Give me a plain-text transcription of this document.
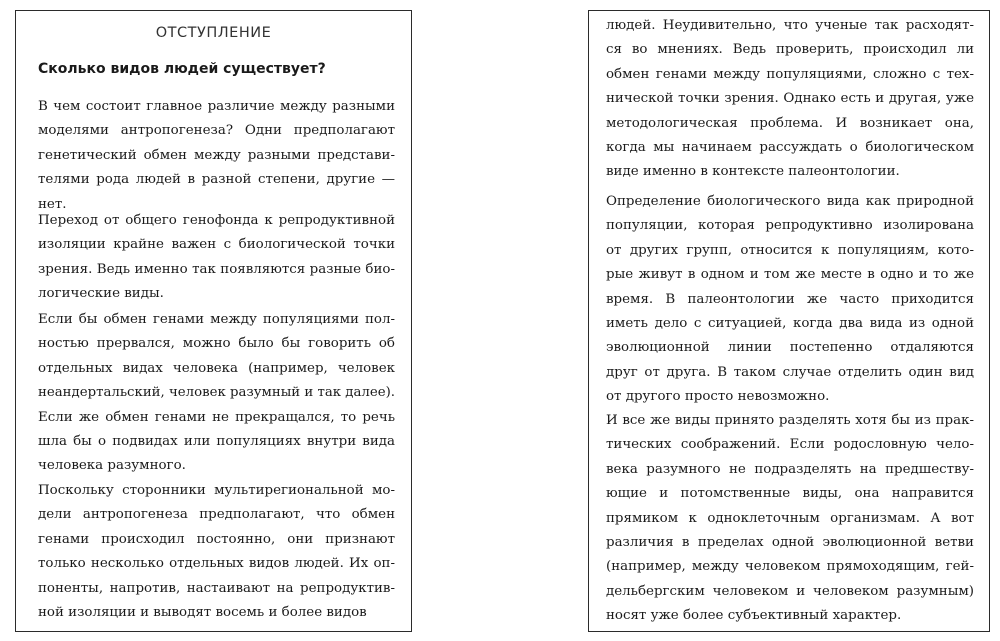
ОТСТУПЛЕНИЕ
Сколько видов людей существует?

В чем состоит главное различие между разными
моделями антропогенеза? Одни предполагают
генетический обмен между разными представи-
телями рода людей в разной степени, другие —
нет.

Переход от общего генофонда к репродуктивной
изоляции крайне важен с биологической точки
зрения. Ведь именно так появляются разные био-
логические виды.

Если бы обмен генами между популяциями пол-
ностью прервался, можно было бы говорить об
отдельных видах человека (например, человек
неандертальский, человек разумный и так далее).
Если же обмен генами не прекращался, то речь
шла бы о подвидах или популяциях внутри вида
человека разумного.

Поскольку сторонники мультирегиональной мо-
дели антропогенеза предполагают, что обмен
генами происходил постоянно, они признают
только несколько отдельных видов людей. Их оп-
поненты, напротив, настаивают на репродуктив-
ной изоляции и выводят восемь и более видов

людей. Неудивительно, что ученые так расходят-
ся во мнениях. Ведь проверить, происходил ли
обмен генами между популяциями, сложно с тех-
нической точки зрения. Однако есть и другая, уже
методологическая проблема. И возникает она,
когда мы начинаем рассуждать о биологическом
виде именно в контексте палеонтологии.

Определение биологического вида как природной
популяции, которая репродуктивно изолирована
от других групп, относится к популяциям, кото-
рые живут в одном и том же месте в одно и то же
время. В палеонтологии же часто приходится
иметь дело с ситуацией, когда два вида из одной
эволюционной линии постепенно отдаляются
друг от друга. В таком случае отделить один вид
от другого просто невозможно.

И все же виды принято разделять хотя бы из прак-
тических соображений. Если родословную чело-
века разумного не подразделять на предшеству-
ющие и потомственные виды, она направится
прямиком к одноклеточным организмам. А вот
различия в пределах одной эволюционной ветви
(например, между человеком прямоходящим, гей-
дельбергским человеком и человеком разумным)
носят уже более субъективный характер.
